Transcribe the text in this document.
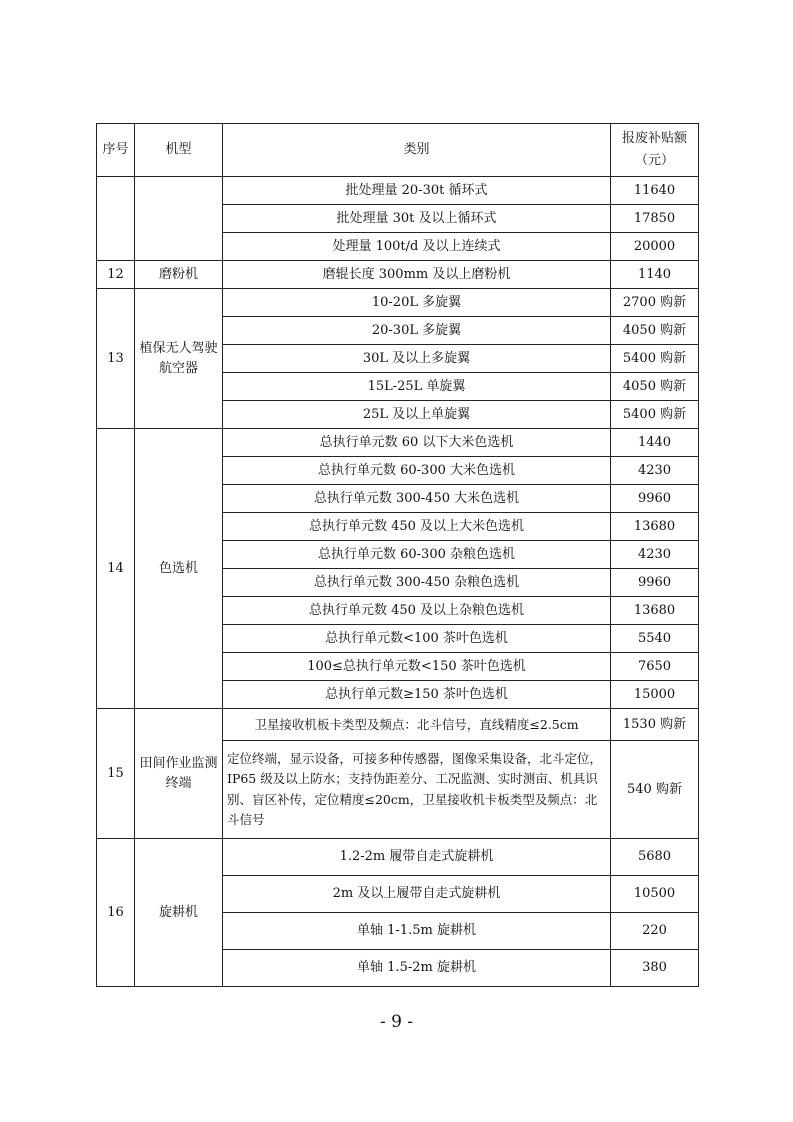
序号	机型	类别	报废补贴额（元）
		批处理量 20-30t 循环式	11640
		批处理量 30t 及以上循环式	17850
		处理量 100t/d 及以上连续式	20000
12	磨粉机	磨辊长度 300mm 及以上磨粉机	1140
13	植保无人驾驶航空器	10-20L 多旋翼	2700 购新
		20-30L 多旋翼	4050 购新
		30L 及以上多旋翼	5400 购新
		15L-25L 单旋翼	4050 购新
		25L 及以上单旋翼	5400 购新
14	色选机	总执行单元数 60 以下大米色选机	1440
		总执行单元数 60-300 大米色选机	4230
		总执行单元数 300-450 大米色选机	9960
		总执行单元数 450 及以上大米色选机	13680
		总执行单元数 60-300 杂粮色选机	4230
		总执行单元数 300-450 杂粮色选机	9960
		总执行单元数 450 及以上杂粮色选机	13680
		总执行单元数<100 茶叶色选机	5540
		100≤总执行单元数<150 茶叶色选机	7650
		总执行单元数≥150 茶叶色选机	15000
15	田间作业监测终端	卫星接收机板卡类型及频点：北斗信号，直线精度≤2.5cm	1530 购新
		定位终端，显示设备，可接多种传感器，图像采集设备，北斗定位，IP65 级及以上防水；支持伪距差分、工况监测、实时测亩、机具识别、盲区补传，定位精度≤20cm，卫星接收机卡板类型及频点：北斗信号	540 购新
16	旋耕机	1.2-2m 履带自走式旋耕机	5680
		2m 及以上履带自走式旋耕机	10500
		单轴 1-1.5m 旋耕机	220
		单轴 1.5-2m 旋耕机	380
- 9 -
